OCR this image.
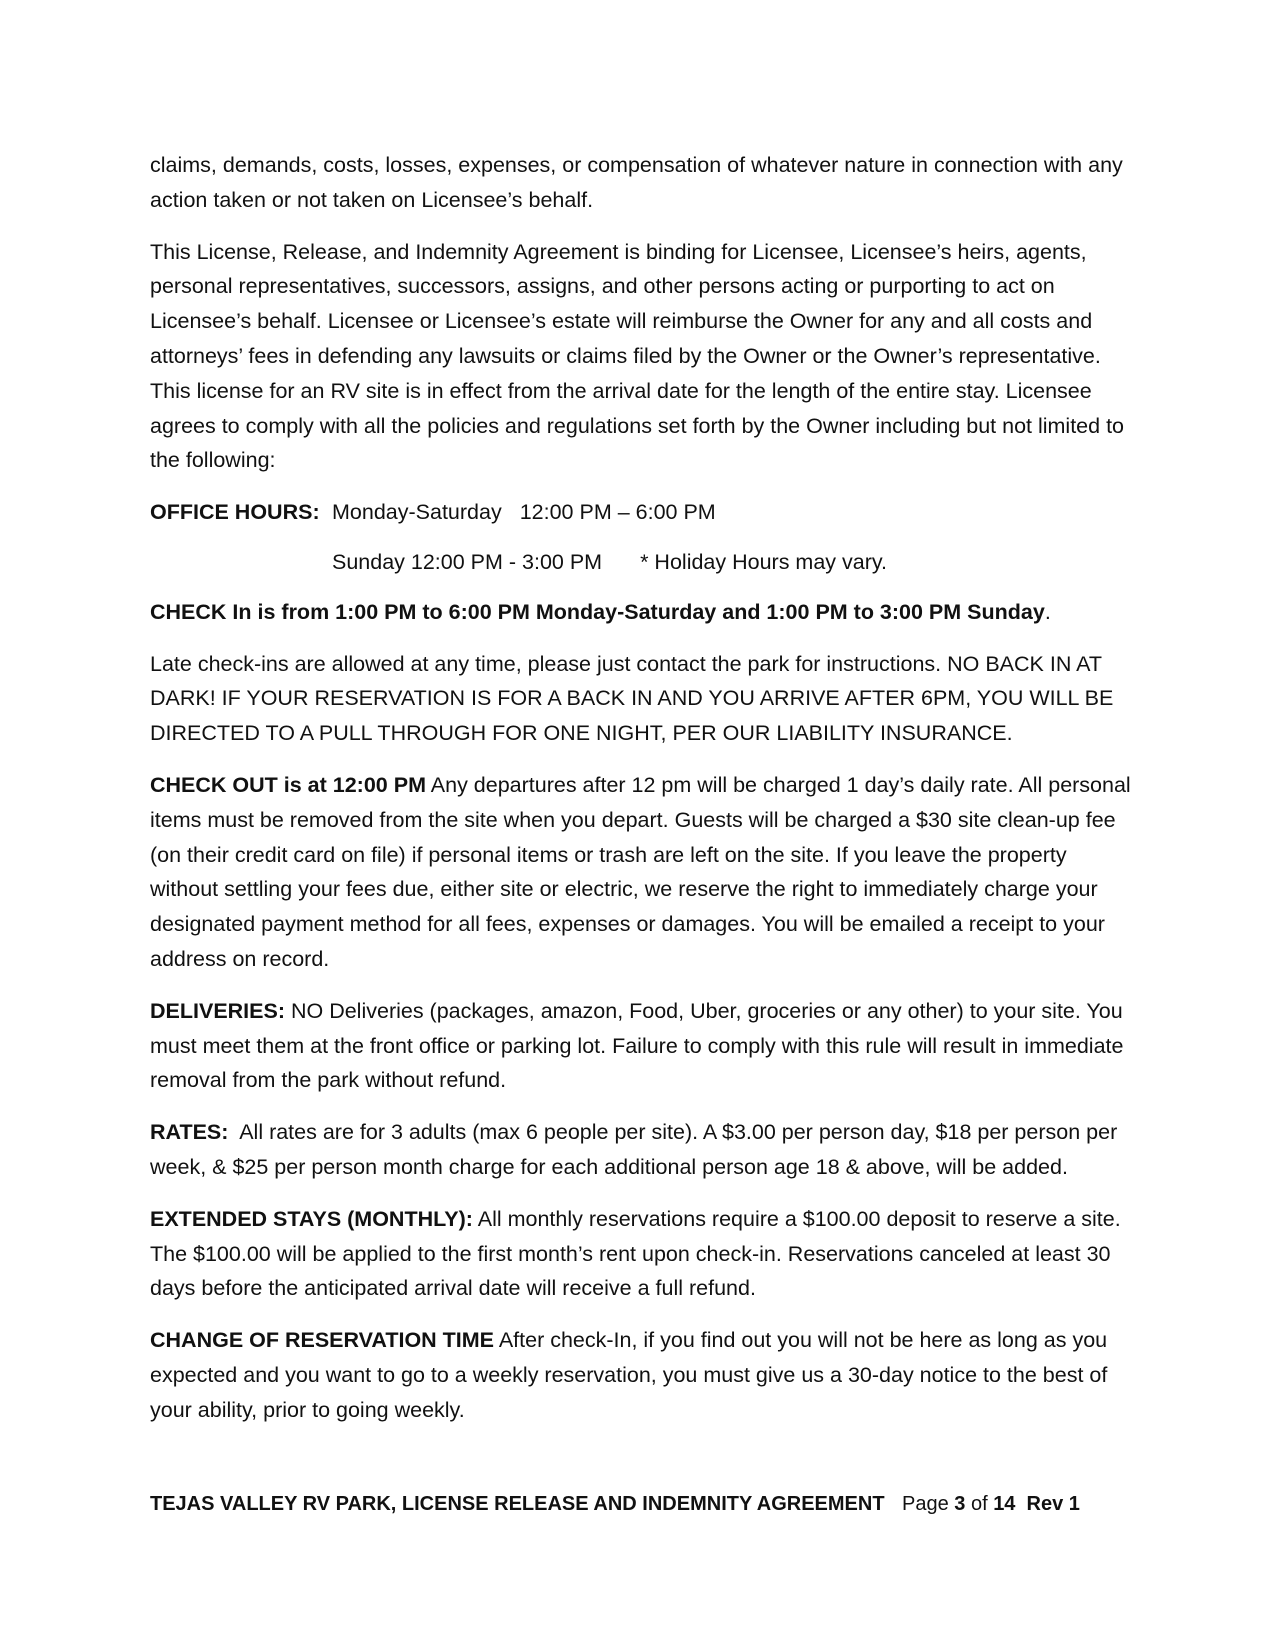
claims, demands, costs, losses, expenses, or compensation of whatever nature in connection with any action taken or not taken on Licensee’s behalf.

This License, Release, and Indemnity Agreement is binding for Licensee, Licensee’s heirs, agents, personal representatives, successors, assigns, and other persons acting or purporting to act on Licensee’s behalf. Licensee or Licensee’s estate will reimburse the Owner for any and all costs and attorneys’ fees in defending any lawsuits or claims filed by the Owner or the Owner’s representative. This license for an RV site is in effect from the arrival date for the length of the entire stay. Licensee agrees to comply with all the policies and regulations set forth by the Owner including but not limited to the following:

OFFICE HOURS: Monday-Saturday 12:00 PM – 6:00 PM
Sunday 12:00 PM - 3:00 PM * Holiday Hours may vary.

CHECK In is from 1:00 PM to 6:00 PM Monday-Saturday and 1:00 PM to 3:00 PM Sunday.

Late check-ins are allowed at any time, please just contact the park for instructions. NO BACK IN AT DARK! IF YOUR RESERVATION IS FOR A BACK IN AND YOU ARRIVE AFTER 6PM, YOU WILL BE DIRECTED TO A PULL THROUGH FOR ONE NIGHT, PER OUR LIABILITY INSURANCE.

CHECK OUT is at 12:00 PM Any departures after 12 pm will be charged 1 day’s daily rate. All personal items must be removed from the site when you depart. Guests will be charged a $30 site clean-up fee (on their credit card on file) if personal items or trash are left on the site. If you leave the property without settling your fees due, either site or electric, we reserve the right to immediately charge your designated payment method for all fees, expenses or damages. You will be emailed a receipt to your address on record.

DELIVERIES: NO Deliveries (packages, amazon, Food, Uber, groceries or any other) to your site. You must meet them at the front office or parking lot. Failure to comply with this rule will result in immediate removal from the park without refund.

RATES:  All rates are for 3 adults (max 6 people per site). A $3.00 per person day, $18 per person per week, & $25 per person month charge for each additional person age 18 & above, will be added.

EXTENDED STAYS (MONTHLY): All monthly reservations require a $100.00 deposit to reserve a site. The $100.00 will be applied to the first month’s rent upon check-in. Reservations canceled at least 30 days before the anticipated arrival date will receive a full refund.

CHANGE OF RESERVATION TIME After check-In, if you find out you will not be here as long as you expected and you want to go to a weekly reservation, you must give us a 30-day notice to the best of your ability, prior to going weekly.

TEJAS VALLEY RV PARK, LICENSE RELEASE AND INDEMNITY AGREEMENT Page 3 of 14  Rev 1
